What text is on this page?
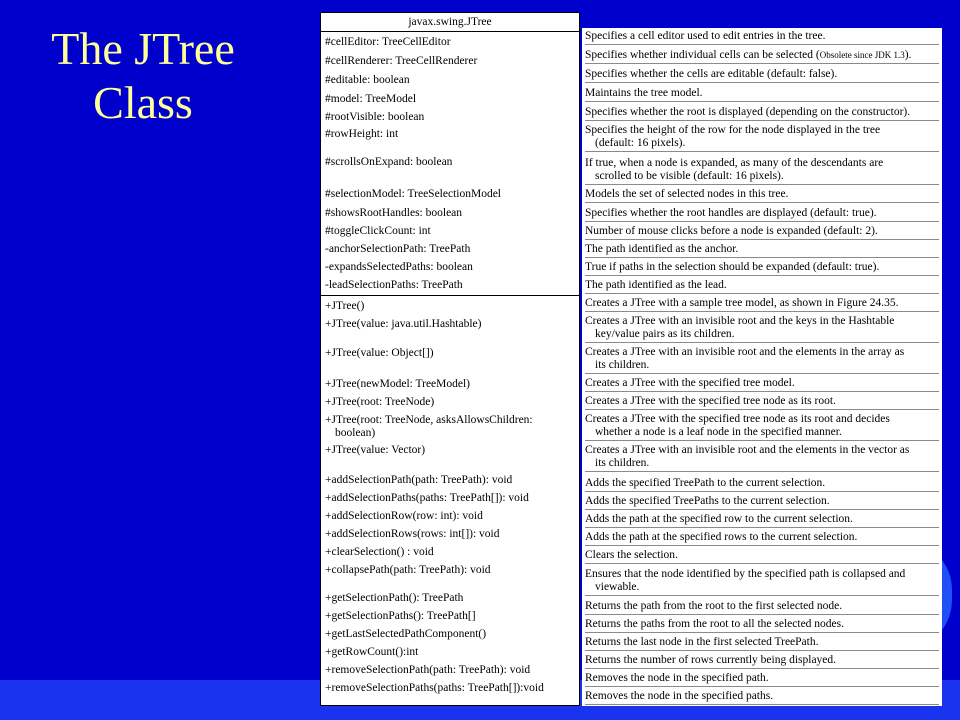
The JTree
Class
javax.swing.JTree
#cellEditor: TreeCellEditor
#cellRenderer: TreeCellRenderer
#editable: boolean
#model: TreeModel
#rootVisible: boolean
#rowHeight: int
#scrollsOnExpand: boolean
#selectionModel: TreeSelectionModel
#showsRootHandles: boolean
#toggleClickCount: int
-anchorSelectionPath: TreePath
-expandsSelectedPaths: boolean
-leadSelectionPaths: TreePath
+JTree()
+JTree(value: java.util.Hashtable)
+JTree(value: Object[])
+JTree(newModel: TreeModel)
+JTree(root: TreeNode)
+JTree(root: TreeNode, asksAllowsChildren:
boolean)
+JTree(value: Vector)
+addSelectionPath(path: TreePath): void
+addSelectionPaths(paths: TreePath[]): void
+addSelectionRow(row: int): void
+addSelectionRows(rows: int[]): void
+clearSelection() : void
+collapsePath(path: TreePath): void
+getSelectionPath(): TreePath
+getSelectionPaths(): TreePath[]
+getLastSelectedPathComponent()
+getRowCount():int
+removeSelectionPath(path: TreePath): void
+removeSelectionPaths(paths: TreePath[]):void
Specifies a cell editor used to edit entries in the tree.
Specifies whether individual cells can be selected (Obsolete since JDK 1.3).
Specifies whether the cells are editable (default: false).
Maintains the tree model.
Specifies whether the root is displayed (depending on the constructor).
Specifies the height of the row for the node displayed in the tree
(default: 16 pixels).
If true, when a node is expanded, as many of the descendants are
scrolled to be visible (default: 16 pixels).
Models the set of selected nodes in this tree.
Specifies whether the root handles are displayed (default: true).
Number of mouse clicks before a node is expanded (default: 2).
The path identified as the anchor.
True if paths in the selection should be expanded (default: true).
The path identified as the lead.
Creates a JTree with a sample tree model, as shown in Figure 24.35.
Creates a JTree with an invisible root and the keys in the Hashtable
key/value pairs as its children.
Creates a JTree with an invisible root and the elements in the array as
its children.
Creates a JTree with the specified tree model.
Creates a JTree with the specified tree node as its root.
Creates a JTree with the specified tree node as its root and decides
whether a node is a leaf node in the specified manner.
Creates a JTree with an invisible root and the elements in the vector as
its children.
Adds the specified TreePath to the current selection.
Adds the specified TreePaths to the current selection.
Adds the path at the specified row to the current selection.
Adds the path at the specified rows to the current selection.
Clears the selection.
Ensures that the node identified by the specified path is collapsed and
viewable.
Returns the path from the root to the first selected node.
Returns the paths from the root to all the selected nodes.
Returns the last node in the first selected TreePath.
Returns the number of rows currently being displayed.
Removes the node in the specified path.
Removes the node in the specified paths.
